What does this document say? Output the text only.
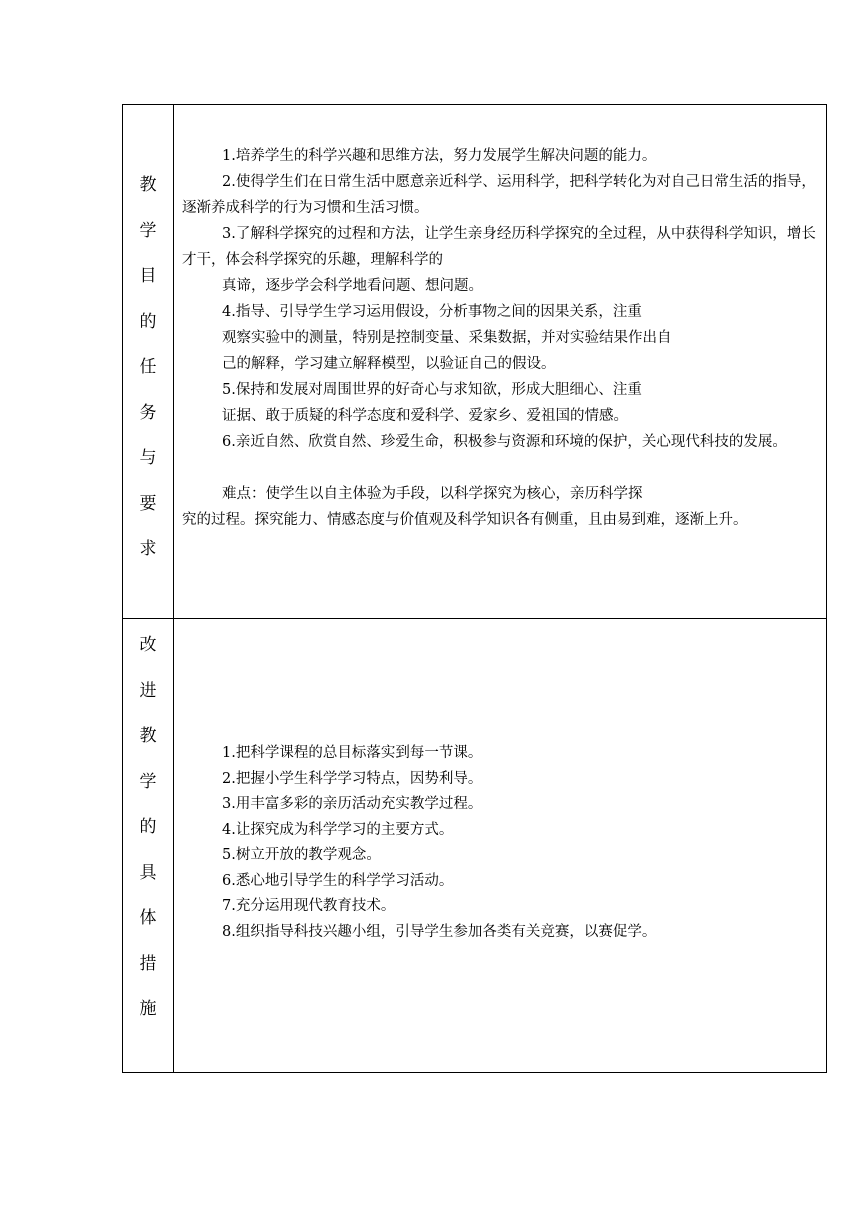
教
学
目
的
任
务
与
要
求

1.培养学生的科学兴趣和思维方法，努力发展学生解决问题的能力。

2.使得学生们在日常生活中愿意亲近科学、运用科学，把科学转化为对自己日常生活的指导，逐渐养成科学的行为习惯和生活习惯。

3.了解科学探究的过程和方法，让学生亲身经历科学探究的全过程，从中获得科学知识，增长才干，体会科学探究的乐趣，理解科学的

真谛，逐步学会科学地看问题、想问题。

4.指导、引导学生学习运用假设，分析事物之间的因果关系，注重

观察实验中的测量，特别是控制变量、采集数据，并对实验结果作出自

己的解释，学习建立解释模型，以验证自己的假设。

5.保持和发展对周围世界的好奇心与求知欲，形成大胆细心、注重

证据、敢于质疑的科学态度和爱科学、爱家乡、爱祖国的情感。

6.亲近自然、欣赏自然、珍爱生命，积极参与资源和环境的保护，关心现代科技的发展。

难点：使学生以自主体验为手段，以科学探究为核心，亲历科学探

究的过程。探究能力、情感态度与价值观及科学知识各有侧重，且由易到难，逐渐上升。

改
进
教
学
的
具
体
措
施

1.把科学课程的总目标落实到每一节课。

2.把握小学生科学学习特点，因势利导。

3.用丰富多彩的亲历活动充实教学过程。

4.让探究成为科学学习的主要方式。

5.树立开放的教学观念。

6.悉心地引导学生的科学学习活动。

7.充分运用现代教育技术。

8.组织指导科技兴趣小组，引导学生参加各类有关竞赛，以赛促学。
